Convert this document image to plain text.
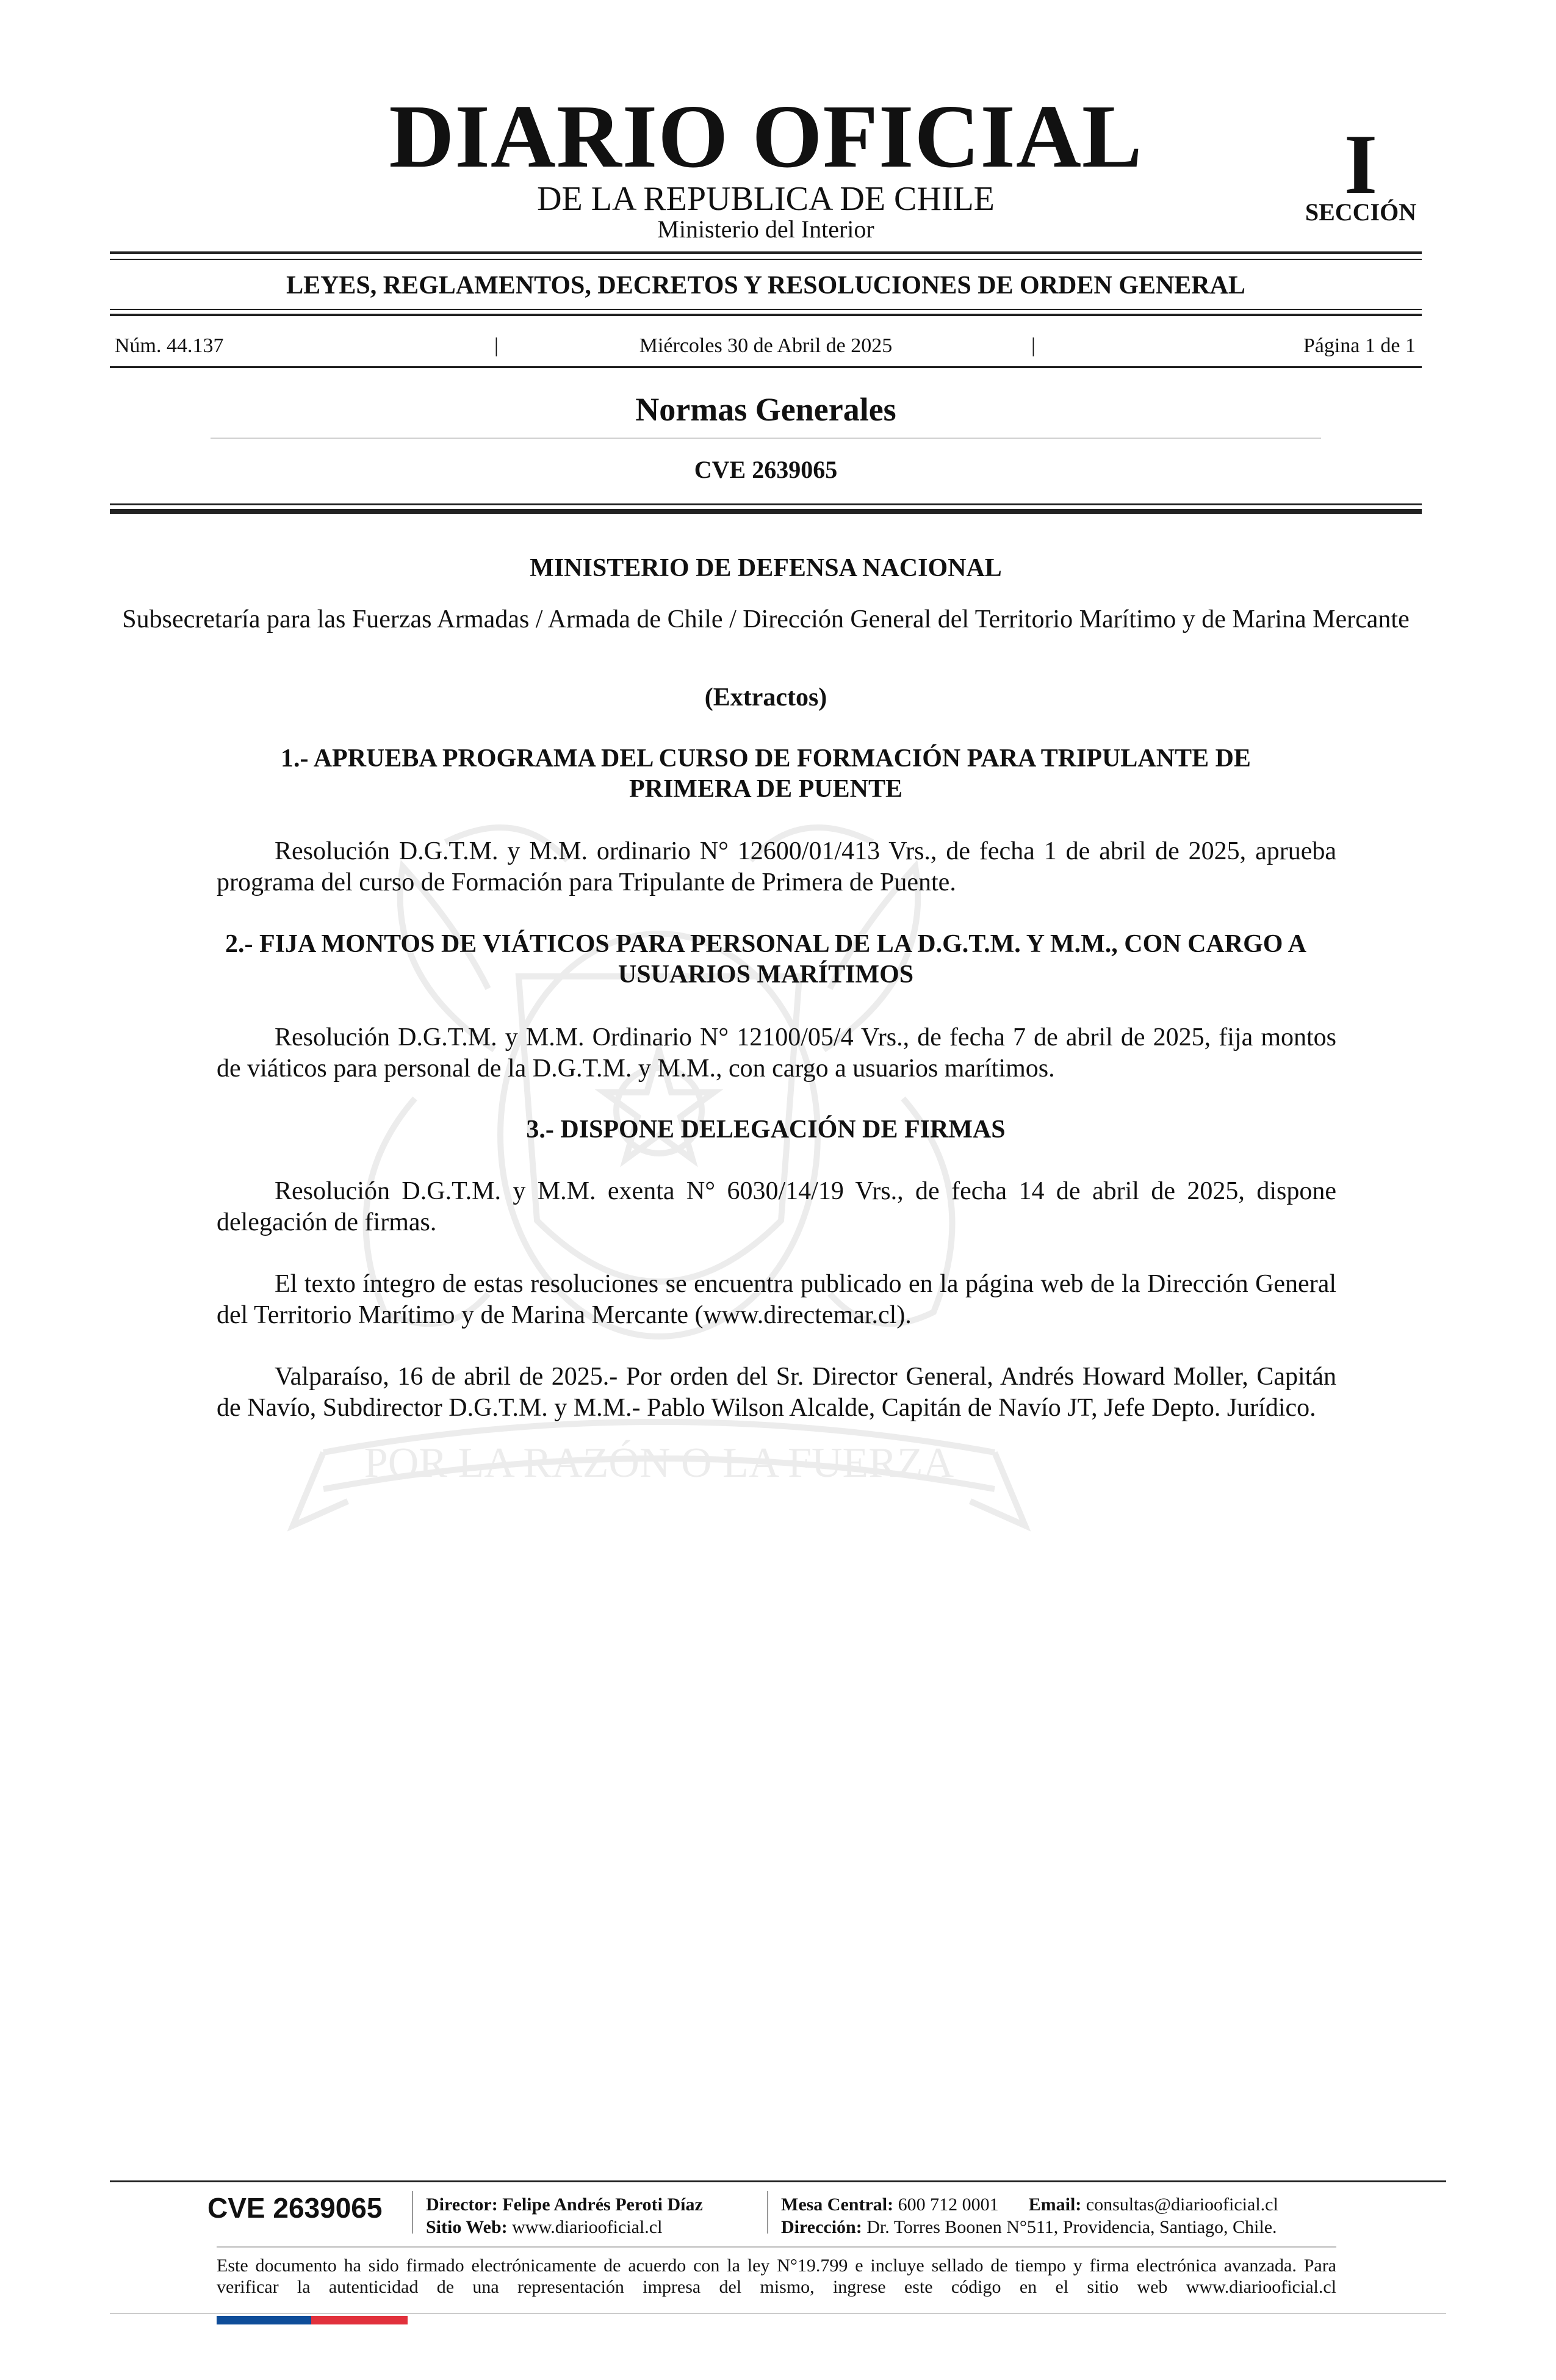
POR LA RAZÓN O LA FUERZA
DIARIO OFICIAL
DE LA REPUBLICA DE CHILE
Ministerio del Interior
I
SECCIÓN
LEYES, REGLAMENTOS, DECRETOS Y RESOLUCIONES DE ORDEN GENERAL
Núm. 44.137	|	Miércoles 30 de Abril de 2025	|	Página 1 de 1
Normas Generales
CVE 2639065
MINISTERIO DE DEFENSA NACIONAL
Subsecretaría para las Fuerzas Armadas / Armada de Chile / Dirección General del Territorio Marítimo y de Marina Mercante
(Extractos)
1.- APRUEBA PROGRAMA DEL CURSO DE FORMACIÓN PARA TRIPULANTE DE PRIMERA DE PUENTE
Resolución D.G.T.M. y M.M. ordinario N° 12600/01/413 Vrs., de fecha 1 de abril de 2025, aprueba programa del curso de Formación para Tripulante de Primera de Puente.
2.- FIJA MONTOS DE VIÁTICOS PARA PERSONAL DE LA D.G.T.M. Y M.M., CON CARGO A USUARIOS MARÍTIMOS
Resolución D.G.T.M. y M.M. Ordinario N° 12100/05/4 Vrs., de fecha 7 de abril de 2025, fija montos de viáticos para personal de la D.G.T.M. y M.M., con cargo a usuarios marítimos.
3.- DISPONE DELEGACIÓN DE FIRMAS
Resolución D.G.T.M. y M.M. exenta N° 6030/14/19 Vrs., de fecha 14 de abril de 2025, dispone delegación de firmas.
El texto íntegro de estas resoluciones se encuentra publicado en la página web de la Dirección General del Territorio Marítimo y de Marina Mercante (www.directemar.cl).
Valparaíso, 16 de abril de 2025.- Por orden del Sr. Director General, Andrés Howard Moller, Capitán de Navío, Subdirector D.G.T.M. y M.M.- Pablo Wilson Alcalde, Capitán de Navío JT, Jefe Depto. Jurídico.
CVE 2639065	Director: Felipe Andrés Peroti Díaz
Sitio Web: www.diariooficial.cl
Mesa Central: 600 712 0001 Email: consultas@diariooficial.cl
Dirección: Dr. Torres Boonen N°511, Providencia, Santiago, Chile.
Este documento ha sido firmado electrónicamente de acuerdo con la ley N°19.799 e incluye sellado de tiempo y firma electrónica avanzada. Para verificar la autenticidad de una representación impresa del mismo, ingrese este código en el sitio web www.diariooficial.cl
